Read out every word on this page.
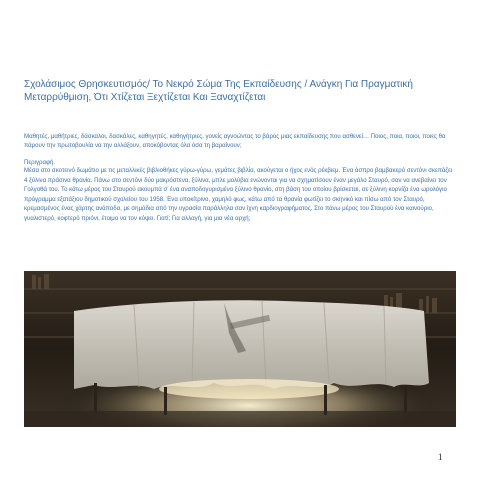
Σχολάσιμος Θρησκευτισμός/ Το Νεκρό Σώμα Της Εκπαίδευσης / Ανάγκη Για Πραγματική Μεταρρύθμιση, Ότι Χτίζεται Ξεχτίζεται Και Ξαναχτίζεται
Μαθητές, μαθήτριες, δάσκαλοι, δασκάλες, καθηγητές, καθηγήτριες, γονείς αγνοώντας το βάρος μιας εκπαίδευσης που ασθενεί… Ποιος, ποια, ποιοι, ποιες θα πάρουν την πρωτοβουλία να την αλλάξουν, αποκόβοντας όλα όσα τη βαραίνουν;
Περιγραφή.
Μέσα στο σκοτεινό δωμάτιο με τις μεταλλικές βιβλιοθήκες γύρω-γύρω, γεμάτες βιβλία, ακούγεται ο ήχος ενός ρέκβιεμ. Ένα άσπρο βαμβακερό σεντόνι σκεπάζει 4 ξύλινα πράσινα θρανία. Πάνω στο σεντόνι δύο μακρόστενα, ξύλινα, μπλε μολύβια ενώνονται για να σχηματίσουν έναν μεγάλο Σταυρό, σαν να ανεβαίνει τον Γολγοθά του. Το κάτω μέρος του Σταυρού ακουμπά σ’ ένα αναποδογυρισμένο ξύλινο θρανίο, στη βάση του οποίου βρίσκεται, σε ξύλινη κορνίζα ένα ωρολόγιο πρόγραμμα εξατάξιου δημοτικού σχολείου του 1958. Ένα υποκίτρινο, χαμηλό φως, κάτω από τα θρανία φωτίζει το σκηνικό και πίσω από τον Σταυρό, κρεμασμένος ένας χάρτης ανάποδα, με σημάδια από την υγρασία παράλληλα σαν ίχνη καρδιογραφήματος. Στο πάνω μέρος του Σταυρού ένα καινούριο, γυαλιστερό, κοφτερό πριόνι, έτοιμο να τον κόψει. Γιατί; Για αλλαγή, για μια νέα αρχή;
1
